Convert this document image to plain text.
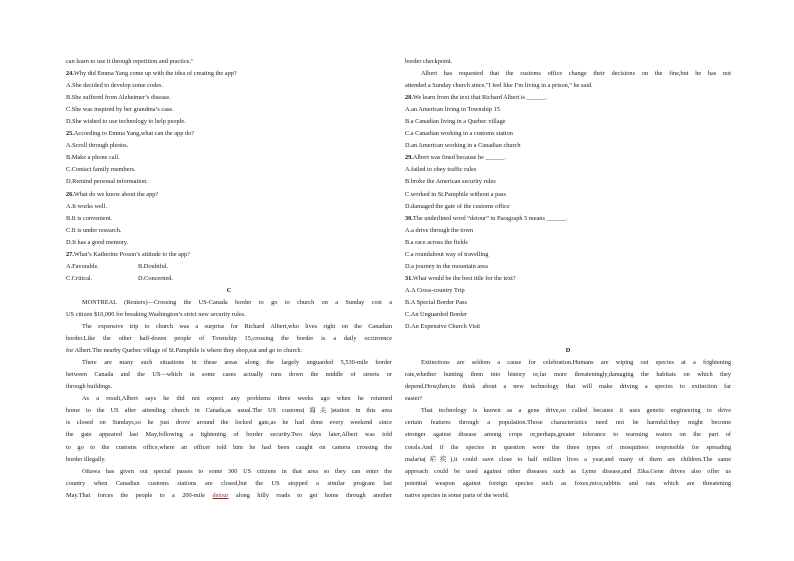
can learn to use it through repetition and practice."
24.Why did Emma Yang come up with the idea of creating the app?
A.She decided to develop some codes.
B.She suffered from Alzheimer’s disease.
C.She was inspired by her grandma’s case.
D.She wished to use technology to help people.
25.According to Emma Yang,what can the app do?
A.Scroll through photos.
B.Make a phone call.
C.Contact family members.
D.Remind personal information.
26.What do we know about the app?
A.It works well.
B.It is convenient.
C.It is under research.
D.It has a good memory.
27.What’s Katherine Possin’s attitude to the app?
A.Favorable.	B.Doubtful.
C.Critical.	D.Concerned.
C
MONTREAL (Reuters)—Crossing the US-Canada border to go to church on a Sunday cost a
US citizen $10,000 for breaking Washington’s strict new security rules.
The expensive trip to church was a surprise for Richard Albert,who lives right on the Canadian
border.Like the other half-dozen people of Township 15,crossing the border is a daily occurrence
for Albert.The nearby Quebec village of St.Pamphile is where they shop,eat and go to church.
There are many such situations in these areas along the largely unguarded 5,530-mile border
between Canada and the US—which in some cases actually runs down the middle of streets or
through buildings.
As a result,Albert says he did not expect any problems three weeks ago when he returned
home to the US after attending church in Canada,as usual.The US customs(海关)station in this area
is closed on Sundays,so he just drove around the locked gate,as he had done every weekend since
the gate appeared last May,following a tightening of border security.Two days later,Albert was told
to go to the customs office,where an officer told him he had been caught on camera crossing the
border illegally.
Ottawa has given out special passes to some 300 US citizens in that area so they can enter the
country when Canadian customs stations are closed,but the US stopped a similar program last
May.That forces the people to a 200-mile detour along hilly roads to get home through another
border checkpoint.
Albert has requested that the customs office change their decisions on the fine,but he has not
attended a Sunday church since."I feel like I’m living in a prison," he said.
28.We learn from the text that Richard Albert is ______.
A.an American living in Township 15
B.a Canadian living in a Quebec village
C.a Canadian working in a customs station
D.an American working in a Canadian church
29.Albert was fined because he ______.
A.failed to obey traffic rules
B.broke the American security rules
C.worked in St.Pamphile without a pass
D.damaged the gate of the customs office
30.The underlined word “detour” in Paragraph 5 means ______.
A.a drive through the town
B.a race across the fields
C.a roundabout way of travelling
D.a journey in the mountain area
31.What would be the best title for the text?
A.A Cross-country Trip
B.A Special Border Pass
C.An Unguarded Border
D.An Expensive Church Visit
D
Extinctions are seldom a cause for celebration.Humans are wiping out species at a frightening
rate,whether hunting them into history or,far more threateningly,damaging the habitats on which they
depend.How,then,to think about a new technology that will make driving a species to extinction far
easier?
That technology is known as a gene drive,so called because it uses genetic engineering to drive
certain features through a population.Those characteristics need not be harmful:they might become
stronger against disease among crops or,perhaps,greater tolerance to warming waters on the part of
corals.And if the species in question were the three types of mosquitoes responsible for spreading
malaria(疟疾),it could save close to half million lives a year,and many of them are children.The same
approach could be used against other diseases such as Lyme disease,and Zika.Gene drives also offer us
potential weapon against foreign species such as foxes,mice,rabbits and rats which are threatening
native species in some parts of the world.
